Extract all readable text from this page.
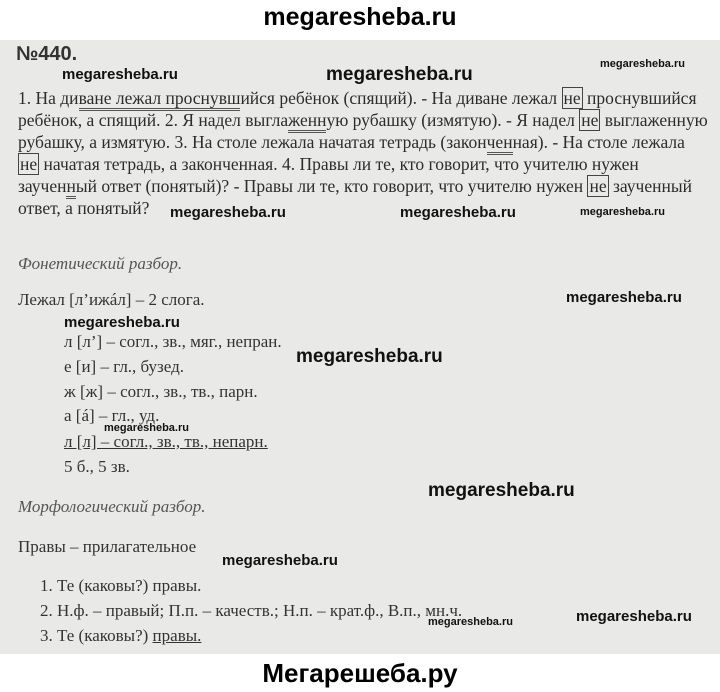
megaresheba.ru
№440.
megaresheba.ru	megaresheba.ru	megaresheba.ru
1. На диване лежал проснувшийся ребёнок (спящий). - На диване лежал не проснувшийся ребёнок, а спящий. 2. Я надел выглаженную рубашку (измятую). - Я надел не выглаженную рубашку, а измятую. 3. На столе лежала начатая тетрадь (законченная). - На столе лежала не начатая тетрадь, а законченная. 4. Правы ли те, кто говорит, что учителю нужен заученный ответ (понятый)? - Правы ли те, кто говорит, что учителю нужен не заученный ответ, а понятый?	megaresheba.ru	megaresheba.ru	megaresheba.ru
Фонетический разбор.
Лежал [л’ижáл] – 2 слога.	megaresheba.ru
megaresheba.ru
л [л’] – согл., зв., мяг., непран.
megaresheba.ru
е [и] – гл., бузед.
ж [ж] – согл., зв., тв., парн.
а [á] – гл., уд.
megaresheba.ru
л [л] – согл., зв., тв., непарн.
5 б., 5 зв.
megaresheba.ru
Морфологический разбор.
Правы – прилагательное
megaresheba.ru
1. Те (каковы?) правы.
2. Н.ф. – правый; П.п. – качеств.; Н.п. – крат.ф., В.п., мн.ч.	megaresheba.ru
megaresheba.ru
3. Те (каковы?) правы.
Мегарешеба.ру
